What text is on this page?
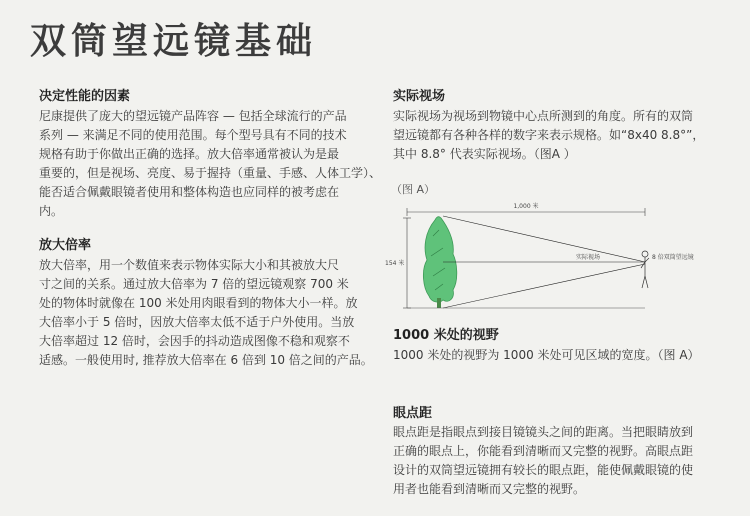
双筒望远镜基础
决定性能的因素
尼康提供了庞大的望远镜产品阵容 — 包括全球流行的产品
系列 — 来满足不同的使用范围。每个型号具有不同的技术
规格有助于你做出正确的选择。放大倍率通常被认为是最
重要的，但是视场、亮度、易于握持（重量、手感、人体工学）、
能否适合佩戴眼镜者使用和整体构造也应同样的被考虑在
内。
放大倍率
放大倍率，用一个数值来表示物体实际大小和其被放大尺
寸之间的关系。通过放大倍率为 7 倍的望远镜观察 700 米
处的物体时就像在 100 米处用肉眼看到的物体大小一样。放
大倍率小于 5 倍时，因放大倍率太低不适于户外使用。当放
大倍率超过 12 倍时，会因手的抖动造成图像不稳和观察不
适感。一般使用时, 推荐放大倍率在 6 倍到 10 倍之间的产品。
实际视场
实际视场为视场到物镜中心点所测到的角度。所有的双筒
望远镜都有各种各样的数字来表示规格。如“8x40 8.8°”，
其中 8.8° 代表实际视场。（图A ）
（图 A）
1,000 米
154 米
实际视场	8 倍双筒望远镜
1000 米处的视野
1000 米处的视野为 1000 米处可见区域的宽度。（图 A）
眼点距
眼点距是指眼点到接目镜镜头之间的距离。当把眼睛放到
正确的眼点上，你能看到清晰而又完整的视野。高眼点距
设计的双筒望远镜拥有较长的眼点距，能使佩戴眼镜的使
用者也能看到清晰而又完整的视野。
